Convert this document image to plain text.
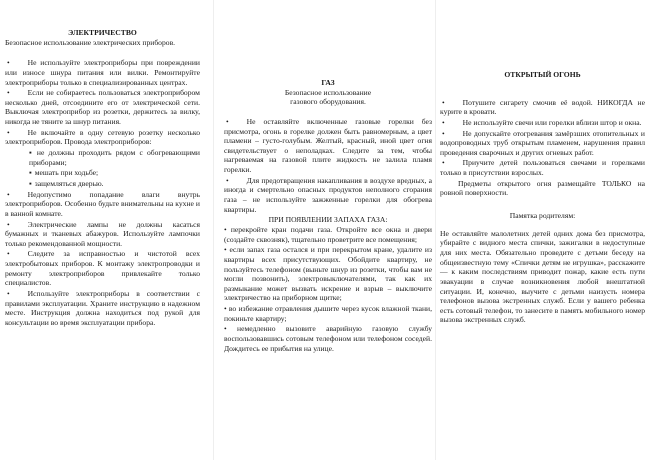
ЭЛЕКТРИЧЕСТВО

Безопасное использование электрических приборов.

• Не используйте электроприборы при повреждении или износе шнура питания или вилки. Ремонтируйте электроприборы только в специализированных центрах.

• Если не собираетесь пользоваться электроприбором несколько дней, отсоедините его от электрической сети. Выключая электроприбор из розетки, держитесь за вилку, никогда не тяните за шнур питания.

• Не включайте в одну сетевую розетку несколько электроприборов. Провода электроприборов:

▪ не должны проходить рядом с обогревающими приборами;

▪ мешать при ходьбе;

▪ защемляться дверью.

• Недопустимо попадание влаги внутрь электроприборов. Особенно будьте внимательны на кухне и в ванной комнате.

• Электрические лампы не должны касаться бумажных и тканевых абажуров. Используйте лампочки только рекомендованной мощности.

• Следите за исправностью и чистотой всех электробытовых приборов. К монтажу электропроводки и ремонту электроприборов привлекайте только специалистов.

• Используйте электроприборы в соответствии с правилами эксплуатации. Храните инструкцию в надежном месте. Инструкция должна находиться под рукой для консультации во время эксплуатации прибора.

ГАЗ

Безопасное использование

газового оборудования.

• Не оставляйте включенные газовые горелки без присмотра, огонь в горелке должен быть равномерным, а цвет пламени – густо-голубым. Желтый, красный, иной цвет огня свидетельствует о неполадках. Следите за тем, чтобы нагреваемая на газовой плите жидкость не залила пламя горелки.

• Для предотвращения накапливания в воздухе вредных, а иногда и смертельно опасных продуктов неполного сгорания газа – не используйте зажженные горелки для обогрева квартиры.

ПРИ ПОЯВЛЕНИИ ЗАПАХА ГАЗА:

• перекройте кран подачи газа. Откройте все окна и двери (создайте сквозняк), тщательно проветрите все помещения;

• если запах газа остался и при перекрытом кране, удалите из квартиры всех присутствующих. Обойдите квартиру, не пользуйтесь телефоном (выньте шнур из розетки, чтобы вам не могли позвонить), электровыключателями, так как их размыкание может вызвать искрение и взрыв – выключите электричество на приборном щитке;

• во избежание отравления дышите через кусок влажной ткани, покиньте квартиру;

• немедленно вызовите аварийную газовую службу воспользовавшись сотовым телефоном или телефоном соседей. Дождитесь ее прибытия на улице.

ОТКРЫТЫЙ ОГОНЬ

• Потушите сигарету смочив её водой. НИКОГДА не курите в кровати.

• Не используйте свечи или горелки вблизи штор и окна.

• Не допускайте отогревания замёрзших отопительных и водопроводных труб открытым пламенем, нарушения правил проведения сварочных и других огневых работ.

• Приучите детей пользоваться свечами и горелками только в присутствии взрослых.

Предметы открытого огня размещайте ТОЛЬКО на ровной поверхности.

Памятка родителям:

Не оставляйте малолетних детей одних дома без присмотра, убирайте с видного места спички, зажигалки в недоступные для них места. Обязательно проведите с детьми беседу на общеизвестную тему «Спички детям не игрушка», расскажите — к каким последствиям приводит пожар, какие есть пути эвакуации в случае возникновения любой внештатной ситуации. И, конечно, выучите с детьми наизусть номера телефонов вызова экстренных служб. Если у вашего ребенка есть сотовый телефон, то занесите в память мобильного номер вызова экстренных служб.
